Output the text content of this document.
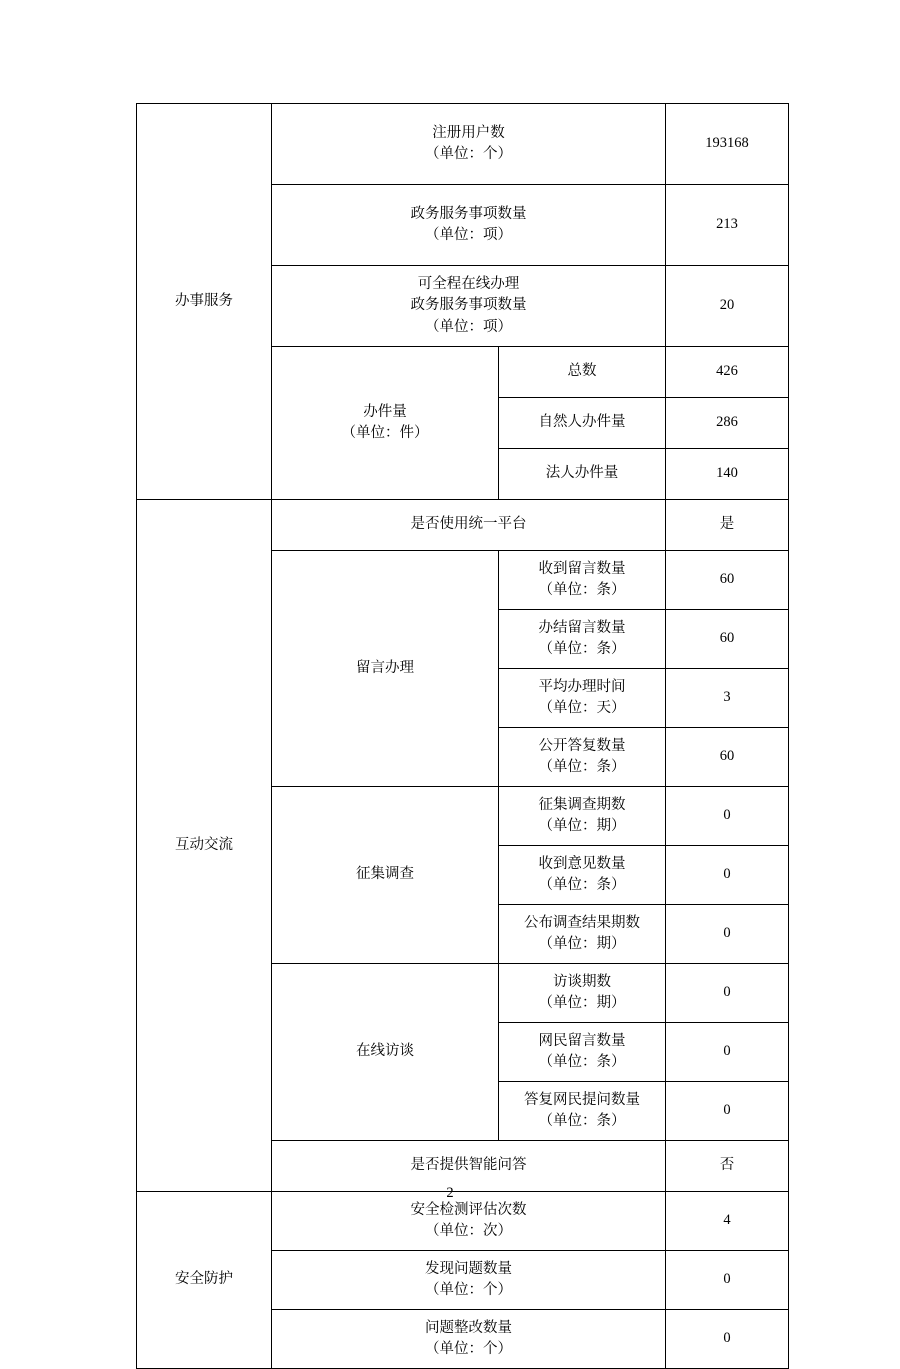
办事服务	注册用户数
（单位：个）		193168

	政务服务事项数量
（单位：项）		213

	可全程在线办理
政务服务事项数量
（单位：项）		20

	办件量
（单位：件）	总数	426
		自然人办件量	286
		法人办件量	140
互动交流	是否使用统一平台		是
	留言办理	收到留言数量
（单位：条）	60

		办结留言数量
（单位：条）	60

		平均办理时间
（单位：天）	3

		公开答复数量
（单位：条）	60
	征集调查	征集调查期数
（单位：期）	0

		收到意见数量
（单位：条）	0

		公布调查结果期数
（单位：期）	0
	在线访谈	访谈期数
（单位：期）	0

		网民留言数量
（单位：条）	0

		答复网民提问数量
（单位：条）	0
	是否提供智能问答		否
安全防护	安全检测评估次数
（单位：次）		4

	发现问题数量
（单位：个）		0

	问题整改数量
（单位：个）		0
2
